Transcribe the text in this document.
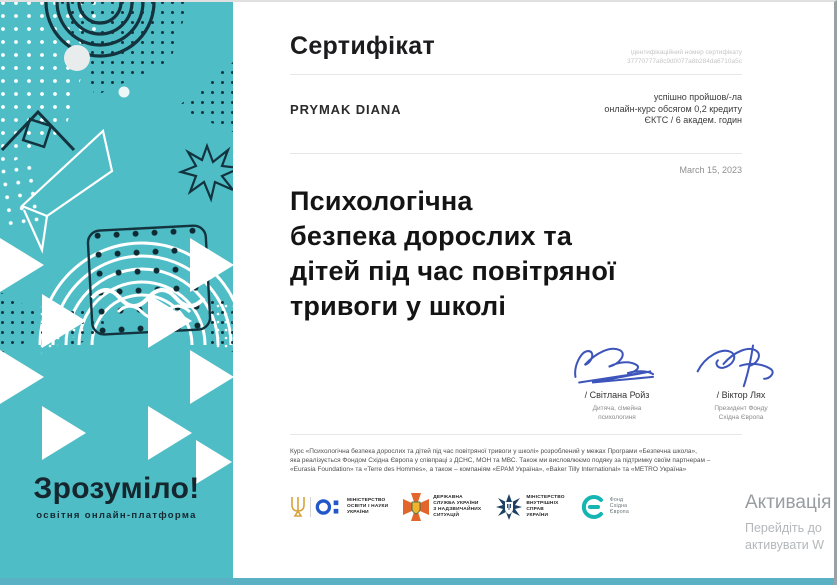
Зрозуміло!
освітня онлайн-платформа
Сертифікат	ідентифікаційний номер сертифікату
37770777a8c9d0077a8b284da6710a5c
PRYMAK DIANA
успішно пройшов/-ла
онлайн-курс обсягом 0,2 кредиту
ЄКТС / 6 академ. годин
March 15, 2023
Психологічна
безпека дорослих та
дітей під час повітряної
тривоги у школі
/ Світлана Ройз
Дитяча, сімейна
психологиня
/ Віктор Лях
Президент Фонду
Східна Європа
Курс «Психологічна безпека дорослих та дітей під час повітряної тривоги у школі» розроблений у межах Програми «Безпечна школа»,
яка реалізується Фондом Східна Європа у співпраці з ДСНС, МОН та МВС. Також ми висловлюємо подяку за підтримку своїм партнерам –
«Eurasia Foundation» та «Terre des Hommes», а також – компаніям «EPAM Україна», «Baker Tilly International» та «METRO Україна»
МІНІСТЕРСТВО
ОСВІТИ І НАУКИ
УКРАЇНИ
ДЕРЖАВНА
СЛУЖБА УКРАЇНИ
З НАДЗВИЧАЙНИХ
СИТУАЦІЙ
МІНІСТЕРСТВО
ВНУТРІШНІХ
СПРАВ
УКРАЇНИ
Фонд
Східна
Європа	Активація
Перейдіть до
активувати W
